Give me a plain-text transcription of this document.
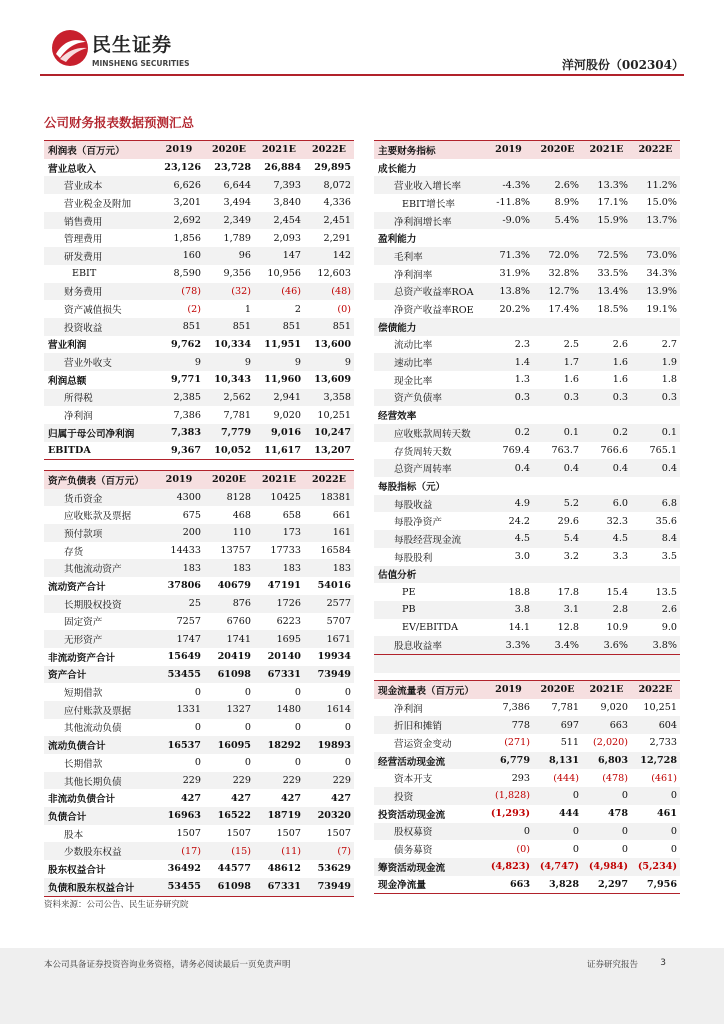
民生证券
MINSHENG SECURITIES	洋河股份（002304）
公司财务报表数据预测汇总
利润表（百万元）	2019	2020E	2021E	2022E
营业总收入	23,126	23,728	26,884	29,895
营业成本	6,626	6,644	7,393	8,072
营业税金及附加	3,201	3,494	3,840	4,336
销售费用	2,692	2,349	2,454	2,451
管理费用	1,856	1,789	2,093	2,291
研发费用	160	96	147	142
EBIT	8,590	9,356	10,956	12,603
财务费用	(78)	(32)	(46)	(48)
资产减值损失	(2)	1	2	(0)
投资收益	851	851	851	851
营业利润	9,762	10,334	11,951	13,600
营业外收支	9	9	9	9
利润总额	9,771	10,343	11,960	13,609
所得税	2,385	2,562	2,941	3,358
净利润	7,386	7,781	9,020	10,251
归属于母公司净利润	7,383	7,779	9,016	10,247
EBITDA	9,367	10,052	11,617	13,207
资产负债表（百万元）	2019	2020E	2021E	2022E
货币资金	4300	8128	10425	18381
应收账款及票据	675	468	658	661
预付款项	200	110	173	161
存货	14433	13757	17733	16584
其他流动资产	183	183	183	183
流动资产合计	37806	40679	47191	54016
长期股权投资	25	876	1726	2577
固定资产	7257	6760	6223	5707
无形资产	1747	1741	1695	1671
非流动资产合计	15649	20419	20140	19934
资产合计	53455	61098	67331	73949
短期借款	0	0	0	0
应付账款及票据	1331	1327	1480	1614
其他流动负债	0	0	0	0
流动负债合计	16537	16095	18292	19893
长期借款	0	0	0	0
其他长期负债	229	229	229	229
非流动负债合计	427	427	427	427
负债合计	16963	16522	18719	20320
股本	1507	1507	1507	1507
少数股东权益	(17)	(15)	(11)	(7)
股东权益合计	36492	44577	48612	53629
负债和股东权益合计	53455	61098	67331	73949
主要财务指标	2019	2020E	2021E	2022E
成长能力				
营业收入增长率	-4.3%	2.6%	13.3%	11.2%
EBIT增长率	-11.8%	8.9%	17.1%	15.0%
净利润增长率	-9.0%	5.4%	15.9%	13.7%
盈利能力				
毛利率	71.3%	72.0%	72.5%	73.0%
净利润率	31.9%	32.8%	33.5%	34.3%
总资产收益率ROA	13.8%	12.7%	13.4%	13.9%
净资产收益率ROE	20.2%	17.4%	18.5%	19.1%
偿债能力				
流动比率	2.3	2.5	2.6	2.7
速动比率	1.4	1.7	1.6	1.9
现金比率	1.3	1.6	1.6	1.8
资产负债率	0.3	0.3	0.3	0.3
经营效率				
应收账款周转天数	0.2	0.1	0.2	0.1
存货周转天数	769.4	763.7	766.6	765.1
总资产周转率	0.4	0.4	0.4	0.4
每股指标（元）				
每股收益	4.9	5.2	6.0	6.8
每股净资产	24.2	29.6	32.3	35.6
每股经营现金流	4.5	5.4	4.5	8.4
每股股利	3.0	3.2	3.3	3.5
估值分析				
PE	18.8	17.8	15.4	13.5
PB	3.8	3.1	2.8	2.6
EV/EBITDA	14.1	12.8	10.9	9.0
股息收益率	3.3%	3.4%	3.6%	3.8%

现金流量表（百万元）	2019	2020E	2021E	2022E
净利润	7,386	7,781	9,020	10,251
折旧和摊销	778	697	663	604
营运资金变动	(271)	511	(2,020)	2,733
经营活动现金流	6,779	8,131	6,803	12,728
资本开支	293	(444)	(478)	(461)
投资	(1,828)	0	0	0
投资活动现金流	(1,293)	444	478	461
股权募资	0	0	0	0
债务募资	(0)	0	0	0
筹资活动现金流	(4,823)	(4,747)	(4,984)	(5,234)
现金净流量	663	3,828	2,297	7,956
资料来源：公司公告、民生证券研究院
本公司具备证券投资咨询业务资格，请务必阅读最后一页免责声明	证券研究报告 3
